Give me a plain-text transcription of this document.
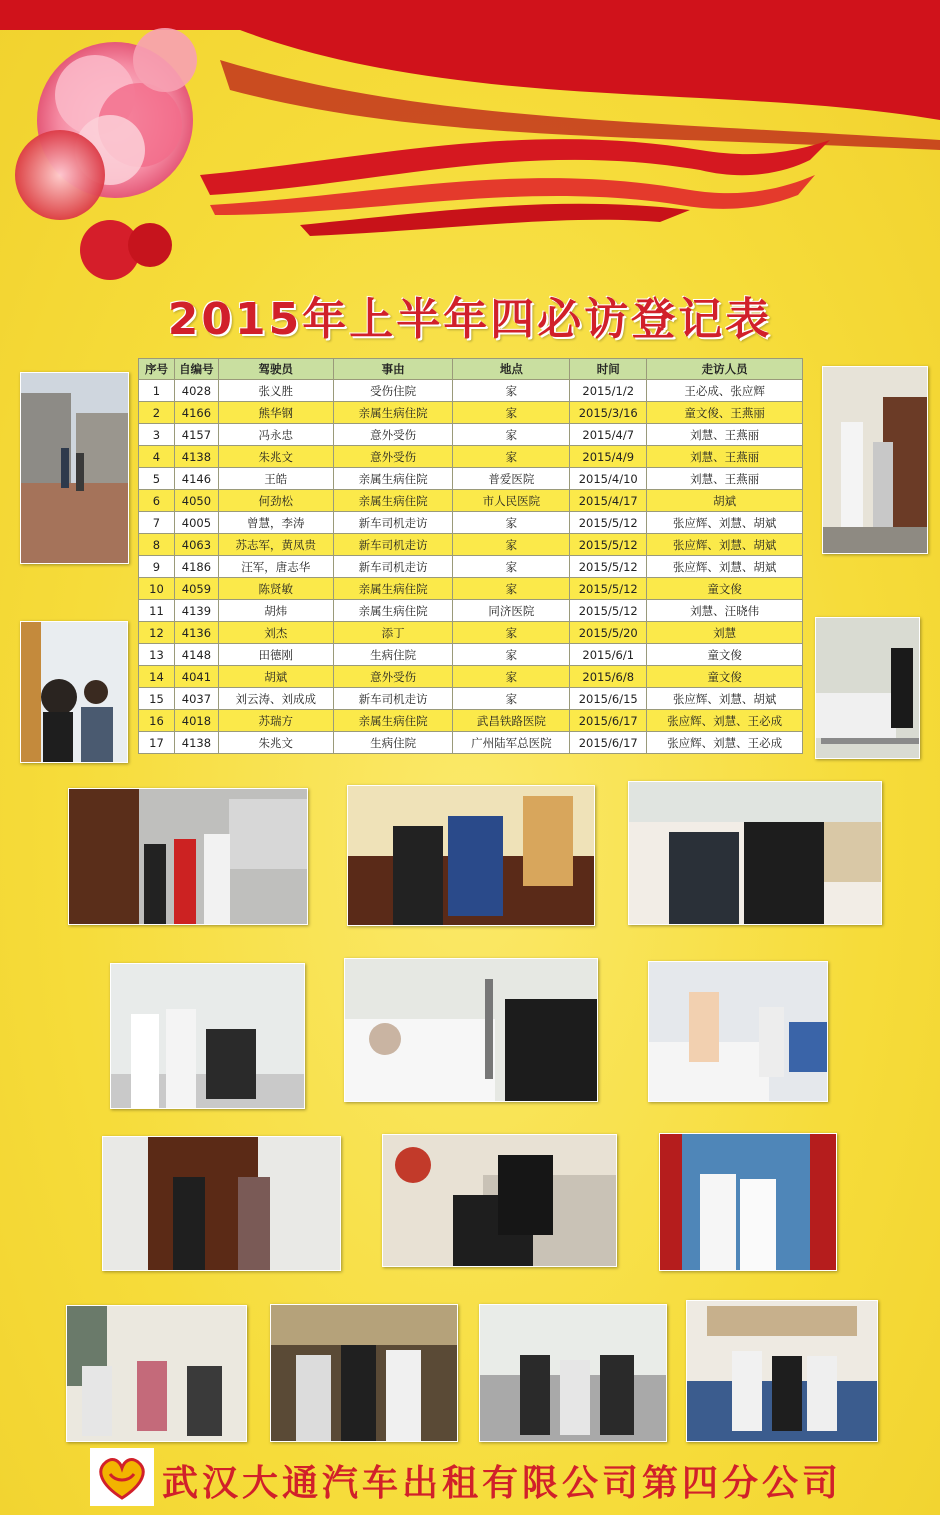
2015年上半年四必访登记表
序号	自编号	驾驶员	事由	地点	时间	走访人员
1	4028	张义胜	受伤住院	家	2015/1/2	王必成、张应辉
2	4166	熊华钢	亲属生病住院	家	2015/3/16	童文俊、王燕丽
3	4157	冯永忠	意外受伤	家	2015/4/7	刘慧、王燕丽
4	4138	朱兆文	意外受伤	家	2015/4/9	刘慧、王燕丽
5	4146	王皓	亲属生病住院	普爱医院	2015/4/10	刘慧、王燕丽
6	4050	何劲松	亲属生病住院	市人民医院	2015/4/17	胡斌
7	4005	曾慧，李涛	新车司机走访	家	2015/5/12	张应辉、刘慧、胡斌
8	4063	苏志军，黄凤贵	新车司机走访	家	2015/5/12	张应辉、刘慧、胡斌
9	4186	汪军，唐志华	新车司机走访	家	2015/5/12	张应辉、刘慧、胡斌
10	4059	陈贤敏	亲属生病住院	家	2015/5/12	童文俊
11	4139	胡炜	亲属生病住院	同济医院	2015/5/12	刘慧、汪晓伟
12	4136	刘杰	添丁	家	2015/5/20	刘慧
13	4148	田德刚	生病住院	家	2015/6/1	童文俊
14	4041	胡斌	意外受伤	家	2015/6/8	童文俊
15	4037	刘云涛、刘成成	新车司机走访	家	2015/6/15	张应辉、刘慧、胡斌
16	4018	苏瑞方	亲属生病住院	武昌铁路医院	2015/6/17	张应辉、刘慧、王必成
17	4138	朱兆文	生病住院	广州陆军总医院	2015/6/17	张应辉、刘慧、王必成
武汉大通汽车出租有限公司第四分公司
